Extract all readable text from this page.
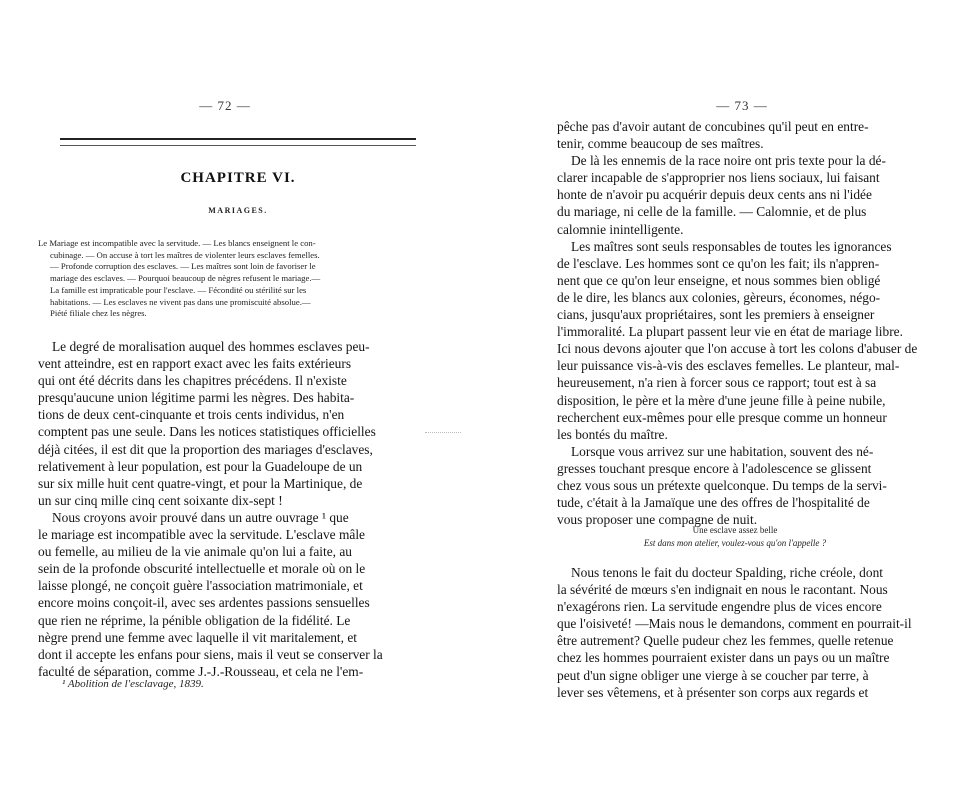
— 72 —
CHAPITRE VI.
MARIAGES.
Le Mariage est incompatible avec la servitude. — Les blancs enseignent le con-
cubinage. — On accuse à tort les maîtres de violenter leurs esclaves femelles.
— Profonde corruption des esclaves. — Les maîtres sont loin de favoriser le
mariage des esclaves. — Pourquoi beaucoup de nègres refusent le mariage.—
La famille est impraticable pour l'esclave. — Fécondité ou stérilité sur les
habitations. — Les esclaves ne vivent pas dans une promiscuité absolue.—
Piété filiale chez les nègres.
Le degré de moralisation auquel des hommes esclaves peu-
vent atteindre, est en rapport exact avec les faits extérieurs
qui ont été décrits dans les chapitres précédens. Il n'existe
presqu'aucune union légitime parmi les nègres. Des habita-
tions de deux cent-cinquante et trois cents individus, n'en
comptent pas une seule. Dans les notices statistiques officielles
déjà citées, il est dit que la proportion des mariages d'esclaves,
relativement à leur population, est pour la Guadeloupe de un
sur six mille huit cent quatre-vingt, et pour la Martinique, de
un sur cinq mille cinq cent soixante dix-sept !
Nous croyons avoir prouvé dans un autre ouvrage ¹ que
le mariage est incompatible avec la servitude. L'esclave mâle
ou femelle, au milieu de la vie animale qu'on lui a faite, au
sein de la profonde obscurité intellectuelle et morale où on le
laisse plongé, ne conçoit guère l'association matrimoniale, et
encore moins conçoit-il, avec ses ardentes passions sensuelles
que rien ne réprime, la pénible obligation de la fidélité. Le
nègre prend une femme avec laquelle il vit maritalement, et
dont il accepte les enfans pour siens, mais il veut se conserver la
faculté de séparation, comme J.-J.-Rousseau, et cela ne l'em-
¹ Abolition de l'esclavage, 1839.
— 73 —
pêche pas d'avoir autant de concubines qu'il peut en entre-
tenir, comme beaucoup de ses maîtres.
De là les ennemis de la race noire ont pris texte pour la dé-
clarer incapable de s'approprier nos liens sociaux, lui faisant
honte de n'avoir pu acquérir depuis deux cents ans ni l'idée
du mariage, ni celle de la famille. — Calomnie, et de plus
calomnie inintelligente.
Les maîtres sont seuls responsables de toutes les ignorances
de l'esclave. Les hommes sont ce qu'on les fait; ils n'appren-
nent que ce qu'on leur enseigne, et nous sommes bien obligé
de le dire, les blancs aux colonies, gèreurs, économes, négo-
cians, jusqu'aux propriétaires, sont les premiers à enseigner
l'immoralité. La plupart passent leur vie en état de mariage libre.
Ici nous devons ajouter que l'on accuse à tort les colons d'abuser de
leur puissance vis-à-vis des esclaves femelles. Le planteur, mal-
heureusement, n'a rien à forcer sous ce rapport; tout est à sa
disposition, le père et la mère d'une jeune fille à peine nubile,
recherchent eux-mêmes pour elle presque comme un honneur
les bontés du maître.
Lorsque vous arrivez sur une habitation, souvent des né-
gresses touchant presque encore à l'adolescence se glissent
chez vous sous un prétexte quelconque. Du temps de la servi-
tude, c'était à la Jamaïque une des offres de l'hospitalité de
vous proposer une compagne de nuit.
Une esclave assez belle
Est dans mon atelier, voulez-vous qu'on l'appelle ?
Nous tenons le fait du docteur Spalding, riche créole, dont
la sévérité de mœurs s'en indignait en nous le racontant. Nous
n'exagérons rien. La servitude engendre plus de vices encore
que l'oisiveté! —Mais nous le demandons, comment en pourrait-il
être autrement? Quelle pudeur chez les femmes, quelle retenue
chez les hommes pourraient exister dans un pays ou un maître
peut d'un signe obliger une vierge à se coucher par terre, à
lever ses vêtemens, et à présenter son corps aux regards et
